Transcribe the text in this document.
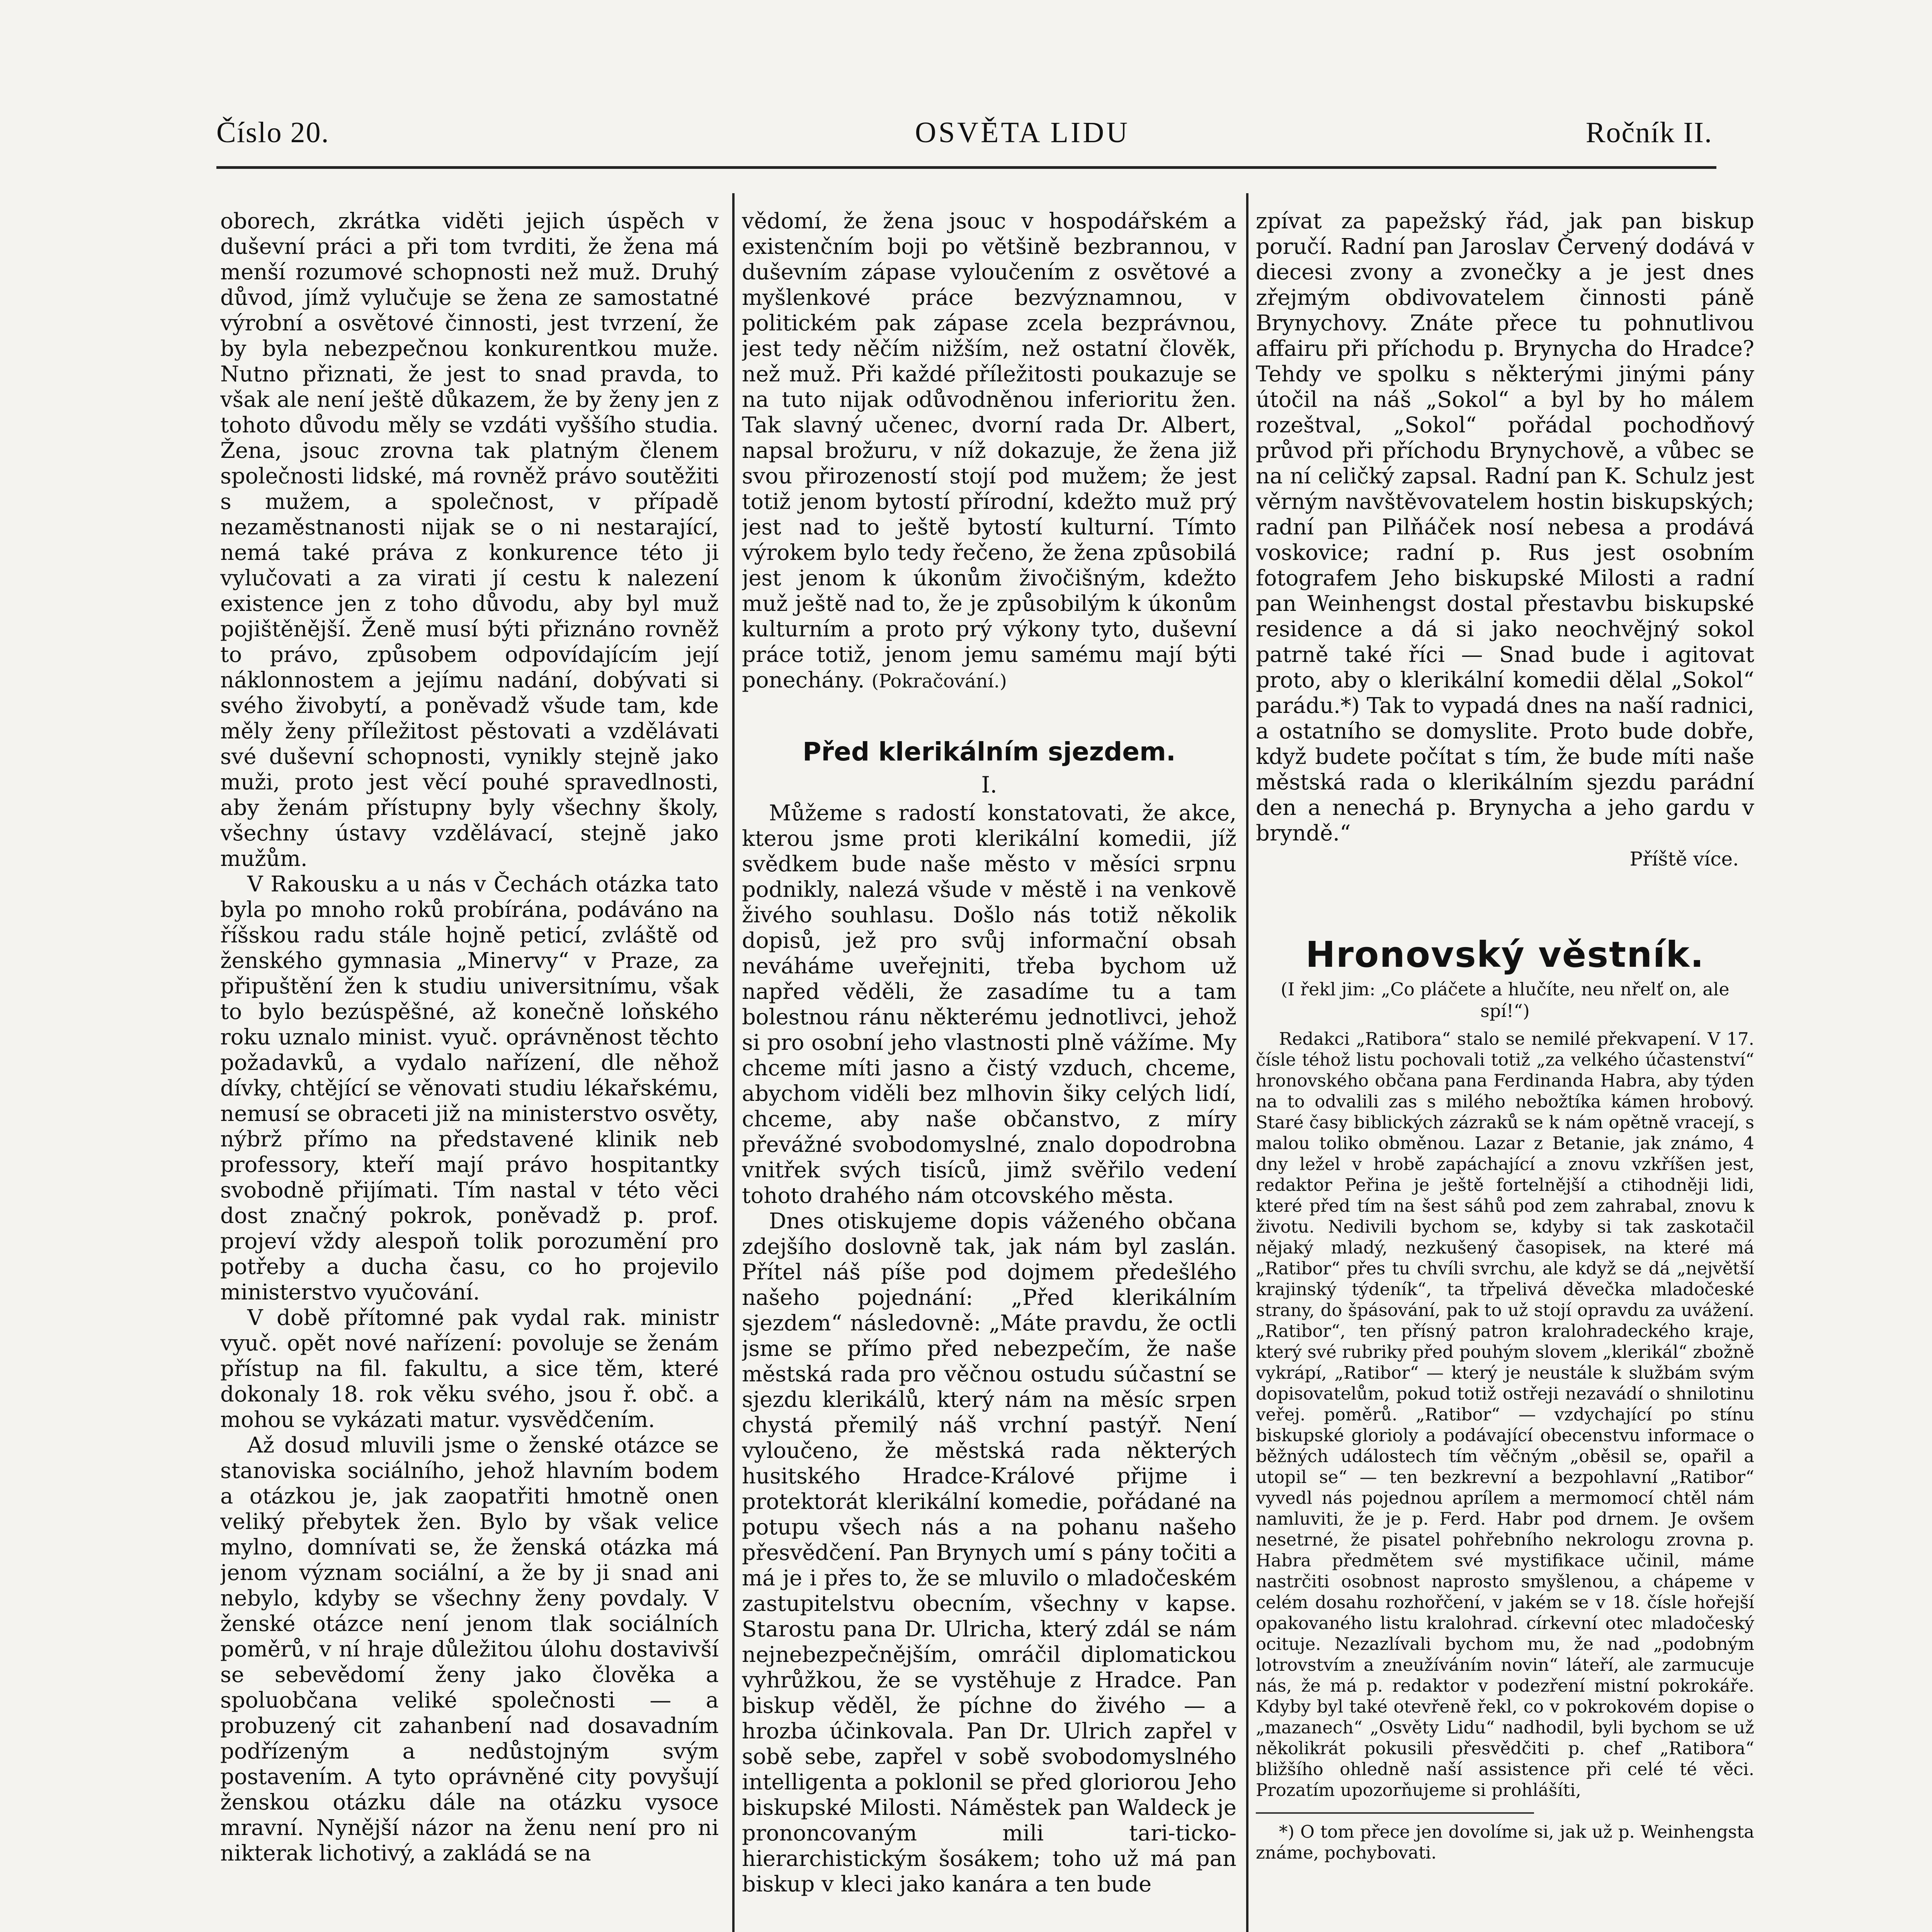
Číslo 20.	OSVĚTA LIDU	Ročník II.

oborech, zkrátka viděti jejich úspěch v duševní práci a při tom tvrditi, že žena má menší rozumové schopnosti než muž. Druhý důvod, jímž vylučuje se žena ze samostatné výrobní a osvětové činnosti, jest tvrzení, že by byla nebezpečnou konkurentkou muže. Nutno přiznati, že jest to snad pravda, to však ale není ještě důkazem, že by ženy jen z tohoto důvodu měly se vzdáti vyššího studia. Žena, jsouc zrovna tak platným členem společnosti lidské, má rovněž právo soutěžiti s mužem, a společnost, v případě nezaměstnanosti nijak se o ni nestarající, nemá také práva z konkurence této ji vylučovati a za virati jí cestu k nalezení existence jen z toho důvodu, aby byl muž pojištěnější. Ženě musí býti přiznáno rovněž to právo, způsobem odpovídajícím její náklonnostem a jejímu nadání, dobývati si svého živobytí, a poněvadž všude tam, kde měly ženy příležitost pěstovati a vzdělávati své duševní schopnosti, vynikly stejně jako muži, proto jest věcí pouhé spravedlnosti, aby ženám přístupny byly všechny školy, všechny ústavy vzdělávací, stejně jako mužům.

V Rakousku a u nás v Čechách otázka tato byla po mnoho roků probírána, podáváno na říšskou radu stále hojně peticí, zvláště od ženského gymnasia „Minervy“ v Praze, za připuštění žen k studiu universitnímu, však to bylo bezúspěšné, až konečně loňského roku uznalo minist. vyuč. oprávněnost těchto požadavků, a vydalo nařízení, dle něhož dívky, chtějící se věnovati studiu lékařskému, nemusí se obraceti již na ministerstvo osvěty, nýbrž přímo na představené klinik neb professory, kteří mají právo hospitantky svobodně přijímati. Tím nastal v této věci dost značný pokrok, poněvadž p. prof. projeví vždy alespoň tolik porozumění pro potřeby a ducha času, co ho projevilo ministerstvo vyučování.

V době přítomné pak vydal rak. ministr vyuč. opět nové nařízení: povoluje se ženám přístup na fil. fakultu, a sice těm, které dokonaly 18. rok věku svého, jsou ř. obč. a mohou se vykázati matur. vysvědčením.

Až dosud mluvili jsme o ženské otázce se stanoviska sociálního, jehož hlavním bodem a otázkou je, jak zaopatřiti hmotně onen veliký přebytek žen. Bylo by však velice mylno, domnívati se, že ženská otázka má jenom význam sociální, a že by ji snad ani nebylo, kdyby se všechny ženy povdaly. V ženské otázce není jenom tlak sociálních poměrů, v ní hraje důležitou úlohu dostavivší se sebevědomí ženy jako člověka a spoluobčana veliké společnosti — a probuzený cit zahanbení nad dosavadním podřízeným a nedůstojným svým postavením. A tyto oprávněné city povyšují ženskou otázku dále na otázku vysoce mravní. Nynější názor na ženu není pro ni nikterak lichotivý, a zakládá se na

vědomí, že žena jsouc v hospodářském a existenčním boji po většině bezbrannou, v duševním zápase vyloučením z osvětové a myšlenkové práce bezvýznamnou, v politickém pak zápase zcela bezprávnou, jest tedy něčím nižším, než ostatní člověk, než muž. Při každé příležitosti poukazuje se na tuto nijak odůvodněnou inferioritu žen. Tak slavný učenec, dvorní rada Dr. Albert, napsal brožuru, v níž dokazuje, že žena již svou přirozeností stojí pod mužem; že jest totiž jenom bytostí přírodní, kdežto muž prý jest nad to ještě bytostí kulturní. Tímto výrokem bylo tedy řečeno, že žena způsobilá jest jenom k úkonům živočišným, kdežto muž ještě nad to, že je způsobilým k úkonům kulturním a proto prý výkony tyto, duševní práce totiž, jenom jemu samému mají býti ponechány. (Pokračování.)

Před klerikálním sjezdem.
I.

Můžeme s radostí konstatovati, že akce, kterou jsme proti klerikální komedii, jíž svědkem bude naše město v měsíci srpnu podnikly, nalezá všude v městě i na venkově živého souhlasu. Došlo nás totiž několik dopisů, jež pro svůj informační obsah neváháme uveřejniti, třeba bychom už napřed věděli, že zasadíme tu a tam bolestnou ránu některému jednotlivci, jehož si pro osobní jeho vlastnosti plně vážíme. My chceme míti jasno a čistý vzduch, chceme, abychom viděli bez mlhovin šiky celých lidí, chceme, aby naše občanstvo, z míry převážné svobodomyslné, znalo dopodrobna vnitřek svých tisíců, jimž svěřilo vedení tohoto drahého nám otcovského města.

Dnes otiskujeme dopis váženého občana zdejšího doslovně tak, jak nám byl zaslán. Přítel náš píše pod dojmem předešlého našeho pojednání: „Před klerikálním sjezdem“ následovně: „Máte pravdu, že octli jsme se přímo před nebezpečím, že naše městská rada pro věčnou ostudu súčastní se sjezdu klerikálů, který nám na měsíc srpen chystá přemilý náš vrchní pastýř. Není vyloučeno, že městská rada některých husitského Hradce-Králové přijme i protektorát klerikální komedie, pořádané na potupu všech nás a na pohanu našeho přesvědčení. Pan Brynych umí s pány točiti a má je i přes to, že se mluvilo o mladočeském zastupitelstvu obecním, všechny v kapse. Starostu pana Dr. Ulricha, který zdál se nám nejnebezpečnějším, omráčil diplomatickou vyhrůžkou, že se vystěhuje z Hradce. Pan biskup věděl, že píchne do živého — a hrozba účinkovala. Pan Dr. Ulrich zapřel v sobě sebe, zapřel v sobě svobodomyslného intelligenta a poklonil se před gloriorou Jeho biskupské Milosti. Náměstek pan Waldeck je prononcovaným mili tari-ticko-hierarchistickým šosákem; toho už má pan biskup v kleci jako kanára a ten bude

zpívat za papežský řád, jak pan biskup poručí. Radní pan Jaroslav Červený dodává v diecesi zvony a zvonečky a je jest dnes zřejmým obdivovatelem činnosti páně Brynychovy. Znáte přece tu pohnutlivou affairu při příchodu p. Brynycha do Hradce? Tehdy ve spolku s některými jinými pány útočil na náš „Sokol“ a byl by ho málem rozeštval, „Sokol“ pořádal pochodňový průvod při příchodu Brynychově, a vůbec se na ní celičký zapsal. Radní pan K. Schulz jest věrným navštěvovatelem hostin biskupských; radní pan Pilňáček nosí nebesa a prodává voskovice; radní p. Rus jest osobním fotografem Jeho biskupské Milosti a radní pan Weinhengst dostal přestavbu biskupské residence a dá si jako neochvějný sokol patrně také říci — Snad bude i agitovat proto, aby o klerikální komedii dělal „Sokol“ parádu.*) Tak to vypadá dnes na naší radnici, a ostatního se domyslite. Proto bude dobře, když budete počítat s tím, že bude míti naše městská rada o klerikálním sjezdu parádní den a nenechá p. Brynycha a jeho gardu v bryndě.“

Příště více.
Hronovský věstník.
(I řekl jim: „Co pláčete a hlučíte, neu nřelť on, ale spí!“)

Redakci „Ratibora“ stalo se nemilé překvapení. V 17. čísle téhož listu pochovali totiž „za velkého účastenství“ hronovského občana pana Ferdinanda Habra, aby týden na to odvalili zas s milého nebožtíka kámen hrobový. Staré časy biblických zázraků se k nám opětně vracejí, s malou toliko obměnou. Lazar z Betanie, jak známo, 4 dny ležel v hrobě zapáchající a znovu vzkříšen jest, redaktor Peřina je ještě fortelnější a ctihodněji lidi, které před tím na šest sáhů pod zem zahrabal, znovu k životu. Nedivili bychom se, kdyby si tak zaskotačil nějaký mladý, nezkušený časopisek, na které má „Ratibor“ přes tu chvíli svrchu, ale když se dá „největší krajinský týdeník“, ta třpelivá děvečka mladočeské strany, do špásování, pak to už stojí opravdu za uvážení. „Ratibor“, ten přísný patron kralohradeckého kraje, který své rubriky před pouhým slovem „klerikál“ zbožně vykrápí, „Ratibor“ — který je neustále k službám svým dopisovatelům, pokud totiž ostřeji nezavádí o shnilotinu veřej. poměrů. „Ratibor“ — vzdychající po stínu biskupské glorioly a podávající obecenstvu informace o běžných událostech tím věčným „oběsil se, opařil a utopil se“ — ten bezkrevní a bezpohlavní „Ratibor“ vyvedl nás pojednou aprílem a mermomocí chtěl nám namluviti, že je p. Ferd. Habr pod drnem. Je ovšem nesetrné, že pisatel pohřebního nekrologu zrovna p. Habra předmětem své mystifikace učinil, máme nastrčiti osobnost naprosto smyšlenou, a chápeme v celém dosahu rozhořčení, v jakém se v 18. čísle hořejší opakovaného listu kralohrad. církevní otec mladočeský ocituje. Nezazlívali bychom mu, že nad „podobným lotrovstvím a zneužíváním novin“ láteří, ale zarmucuje nás, že má p. redaktor v podezření mistní pokrokáře. Kdyby byl také otevřeně řekl, co v pokrokovém dopise o „mazanech“ „Osvěty Lidu“ nadhodil, byli bychom se už několikrát pokusili přesvědčiti p. chef „Ratibora“ bližšího ohledně naší assistence při celé té věci. Prozatím upozorňujeme si prohlášíti,

*) O tom přece jen dovolíme si, jak už p. Weinhengsta známe, pochybovati.
